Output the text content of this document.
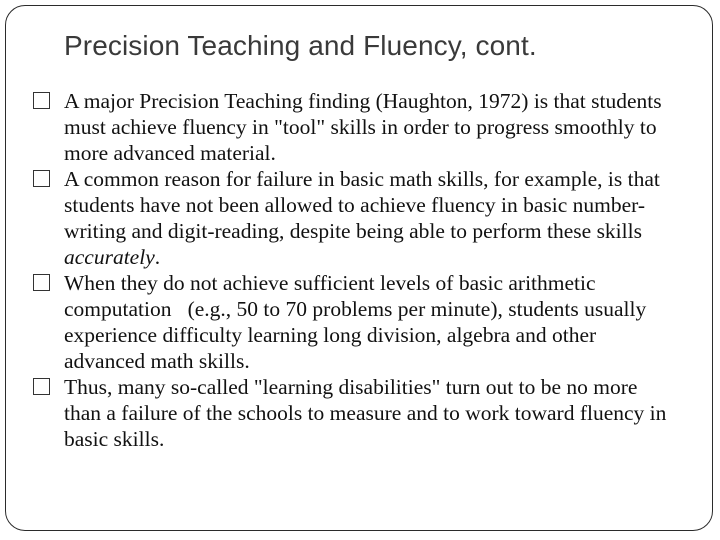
Precision Teaching and Fluency, cont.
A major Precision Teaching finding (Haughton, 1972) is that students must achieve fluency in "tool" skills in order to progress smoothly to more advanced material.
A common reason for failure in basic math skills, for example, is that students have not been allowed to achieve fluency in basic number-writing and digit-reading, despite being able to perform these skills accurately.
When they do not achieve sufficient levels of basic arithmetic computation   (e.g., 50 to 70 problems per minute), students usually experience difficulty learning long division, algebra and other advanced math skills.
Thus, many so-called "learning disabilities" turn out to be no more than a failure of the schools to measure and to work toward fluency in basic skills.
